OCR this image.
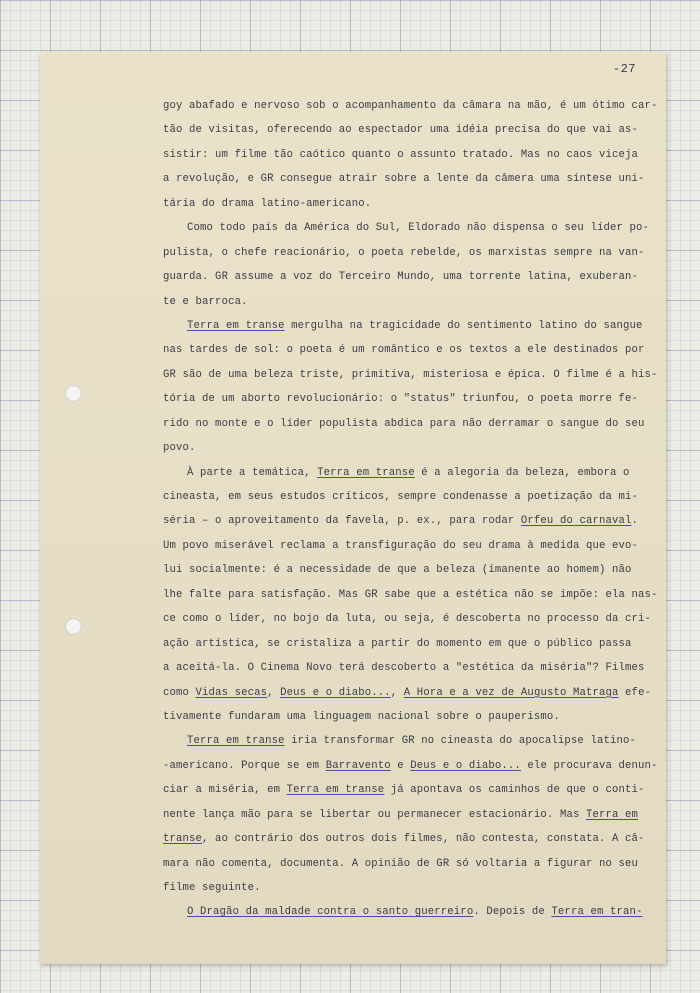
-27
goy abafado e nervoso sob o acompanhamento da câmara na mão, é um ótimo car-
tão de visitas, oferecendo ao espectador uma idéia precisa do que vai as-
sistir: um filme tão caótico quanto o assunto tratado. Mas no caos viceja
a revolução, e GR consegue atrair sobre a lente da câmera uma síntese uni-
tária do drama latino-americano.
Como todo país da América do Sul, Eldorado não dispensa o seu líder po-
pulista, o chefe reacionário, o poeta rebelde, os marxistas sempre na van-
guarda. GR assume a voz do Terceiro Mundo, uma torrente latina, exuberan-
te e barroca.
Terra em transe mergulha na tragicidade do sentimento latino do sangue
nas tardes de sol: o poeta é um romântico e os textos a ele destinados por
GR são de uma beleza triste, primitiva, misteriosa e épica. O filme é a his-
tória de um aborto revolucionário: o "status" triunfou, o poeta morre fe-
rido no monte e o líder populista abdica para não derramar o sangue do seu
povo.
À parte a temática, Terra em transe é a alegoria da beleza, embora o
cineasta, em seus estudos críticos, sempre condenasse a poetização da mi-
séria – o aproveitamento da favela, p. ex., para rodar Orfeu do carnaval.
Um povo miserável reclama a transfiguração do seu drama à medida que evo-
lui socialmente: é a necessidade de que a beleza (imanente ao homem) não
lhe falte para satisfação. Mas GR sabe que a estética não se impõe: ela nas-
ce como o líder, no bojo da luta, ou seja, é descoberta no processo da cri-
ação artística, se cristaliza a partir do momento em que o público passa
a aceitá-la. O Cinema Novo terá descoberto a "estética da miséria"? Filmes
como Vidas secas, Deus e o diabo..., A Hora e a vez de Augusto Matraga efe-
tivamente fundaram uma linguagem nacional sobre o pauperismo.
Terra em transe iria transformar GR no cineasta do apocalipse latino-
-americano. Porque se em Barravento e Deus e o diabo... ele procurava denun-
ciar a miséria, em Terra em transe já apontava os caminhos de que o conti-
nente lança mão para se libertar ou permanecer estacionário. Mas Terra em
transe, ao contrário dos outros dois filmes, não contesta, constata. A câ-
mara não comenta, documenta. A opinião de GR só voltaria a figurar no seu
filme seguinte.
O Dragão da maldade contra o santo guerreiro. Depois de Terra em tran-
